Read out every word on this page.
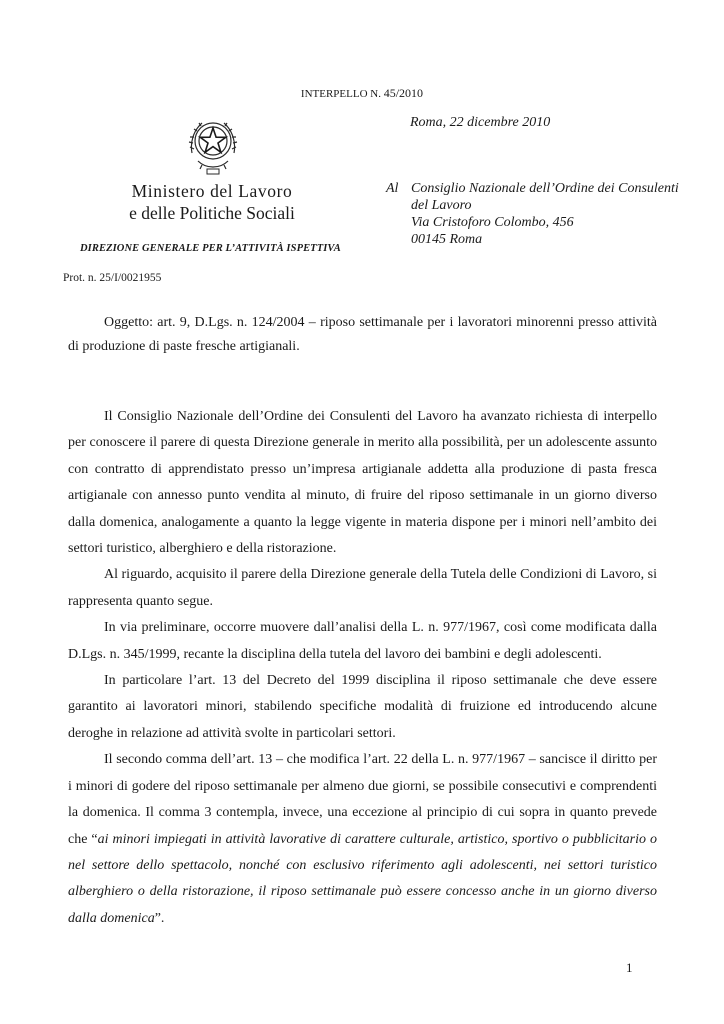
INTERPELLO N. 45/2010
Roma, 22 dicembre 2010
Ministero del Lavoro
e delle Politiche Sociali
DIREZIONE GENERALE PER L’ATTIVITÀ ISPETTIVA
Al Consiglio Nazionale dell’Ordine dei Consulenti
del Lavoro
Via Cristoforo Colombo, 456
00145 Roma
Prot. n. 25/I/0021955
Oggetto: art. 9, D.Lgs. n. 124/2004 – riposo settimanale per i lavoratori minorenni presso attività di produzione di paste fresche artigianali.

Il Consiglio Nazionale dell’Ordine dei Consulenti del Lavoro ha avanzato richiesta di interpello per conoscere il parere di questa Direzione generale in merito alla possibilità, per un adolescente assunto con contratto di apprendistato presso un’impresa artigianale addetta alla produzione di pasta fresca artigianale con annesso punto vendita al minuto, di fruire del riposo settimanale in un giorno diverso dalla domenica, analogamente a quanto la legge vigente in materia dispone per i minori nell’ambito dei settori turistico, alberghiero e della ristorazione.

Al riguardo, acquisito il parere della Direzione generale della Tutela delle Condizioni di Lavoro, si rappresenta quanto segue.

In via preliminare, occorre muovere dall’analisi della L. n. 977/1967, così come modificata dalla D.Lgs. n. 345/1999, recante la disciplina della tutela del lavoro dei bambini e degli adolescenti.

In particolare l’art. 13 del Decreto del 1999 disciplina il riposo settimanale che deve essere garantito ai lavoratori minori, stabilendo specifiche modalità di fruizione ed introducendo alcune deroghe in relazione ad attività svolte in particolari settori.

Il secondo comma dell’art. 13 – che modifica l’art. 22 della L. n. 977/1967 – sancisce il diritto per i minori di godere del riposo settimanale per almeno due giorni, se possibile consecutivi e comprendenti la domenica. Il comma 3 contempla, invece, una eccezione al principio di cui sopra in quanto prevede che “ai minori impiegati in attività lavorative di carattere culturale, artistico, sportivo o pubblicitario o nel settore dello spettacolo, nonché con esclusivo riferimento agli adolescenti, nei settori turistico alberghiero o della ristorazione, il riposo settimanale può essere concesso anche in un giorno diverso dalla domenica”.

1
